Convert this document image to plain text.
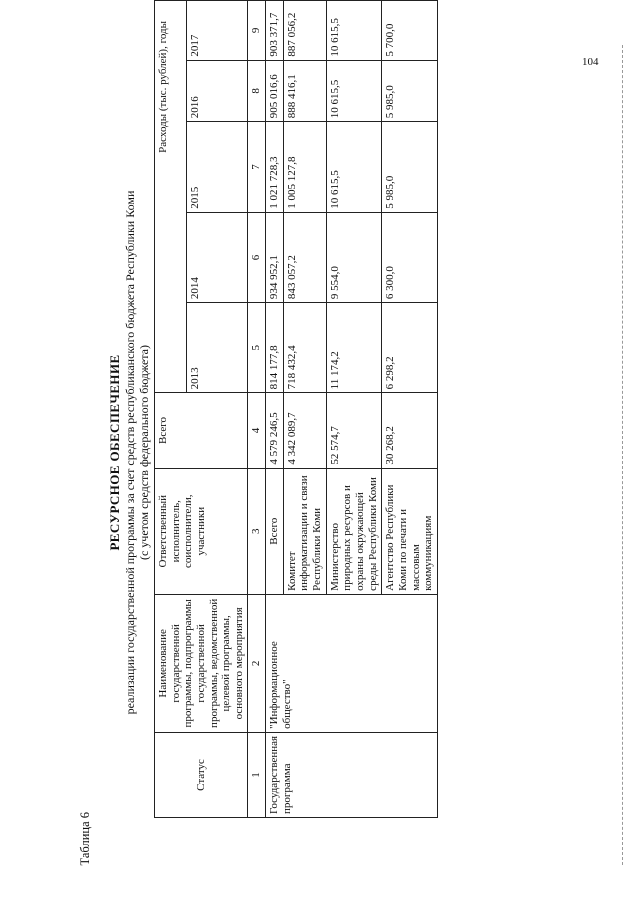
104
Таблица 6
РЕСУРСНОЕ ОБЕСПЕЧЕНИЕ реализации государственной программы за счет средств республиканского бюджета Республики Коми (с учетом средств федерального бюджета)
Статус	Наименование государственной программы, подпрограммы государственной программы, ведомственной целевой программы, основного мероприятия	Ответственный исполнитель, соисполнители, участники	Всего	Расходы (тыс. рублей), годы				
				2013	2014	2015	2016	2017
1	2	3	4	5	6	7	8	9
Государственная программа	"Информационное общество"	Всего	4 579 246,5	814 177,8	934 952,1	1 021 728,3	905 016,6	903 371,7
		Комитет информатизации и связи Республики Коми	4 342 089,7	718 432,4	843 057,2	1 005 127,8	888 416,1	887 056,2
		Министерство природных ресурсов и охраны окружающей среды Республики Коми	52 574,7	11 174,2	9 554,0	10 615,5	10 615,5	10 615,5
		Агентство Республики Коми по печати и массовым коммуникациям	30 268,2	6 298,2	6 300,0	5 985,0	5 985,0	5 700,0
